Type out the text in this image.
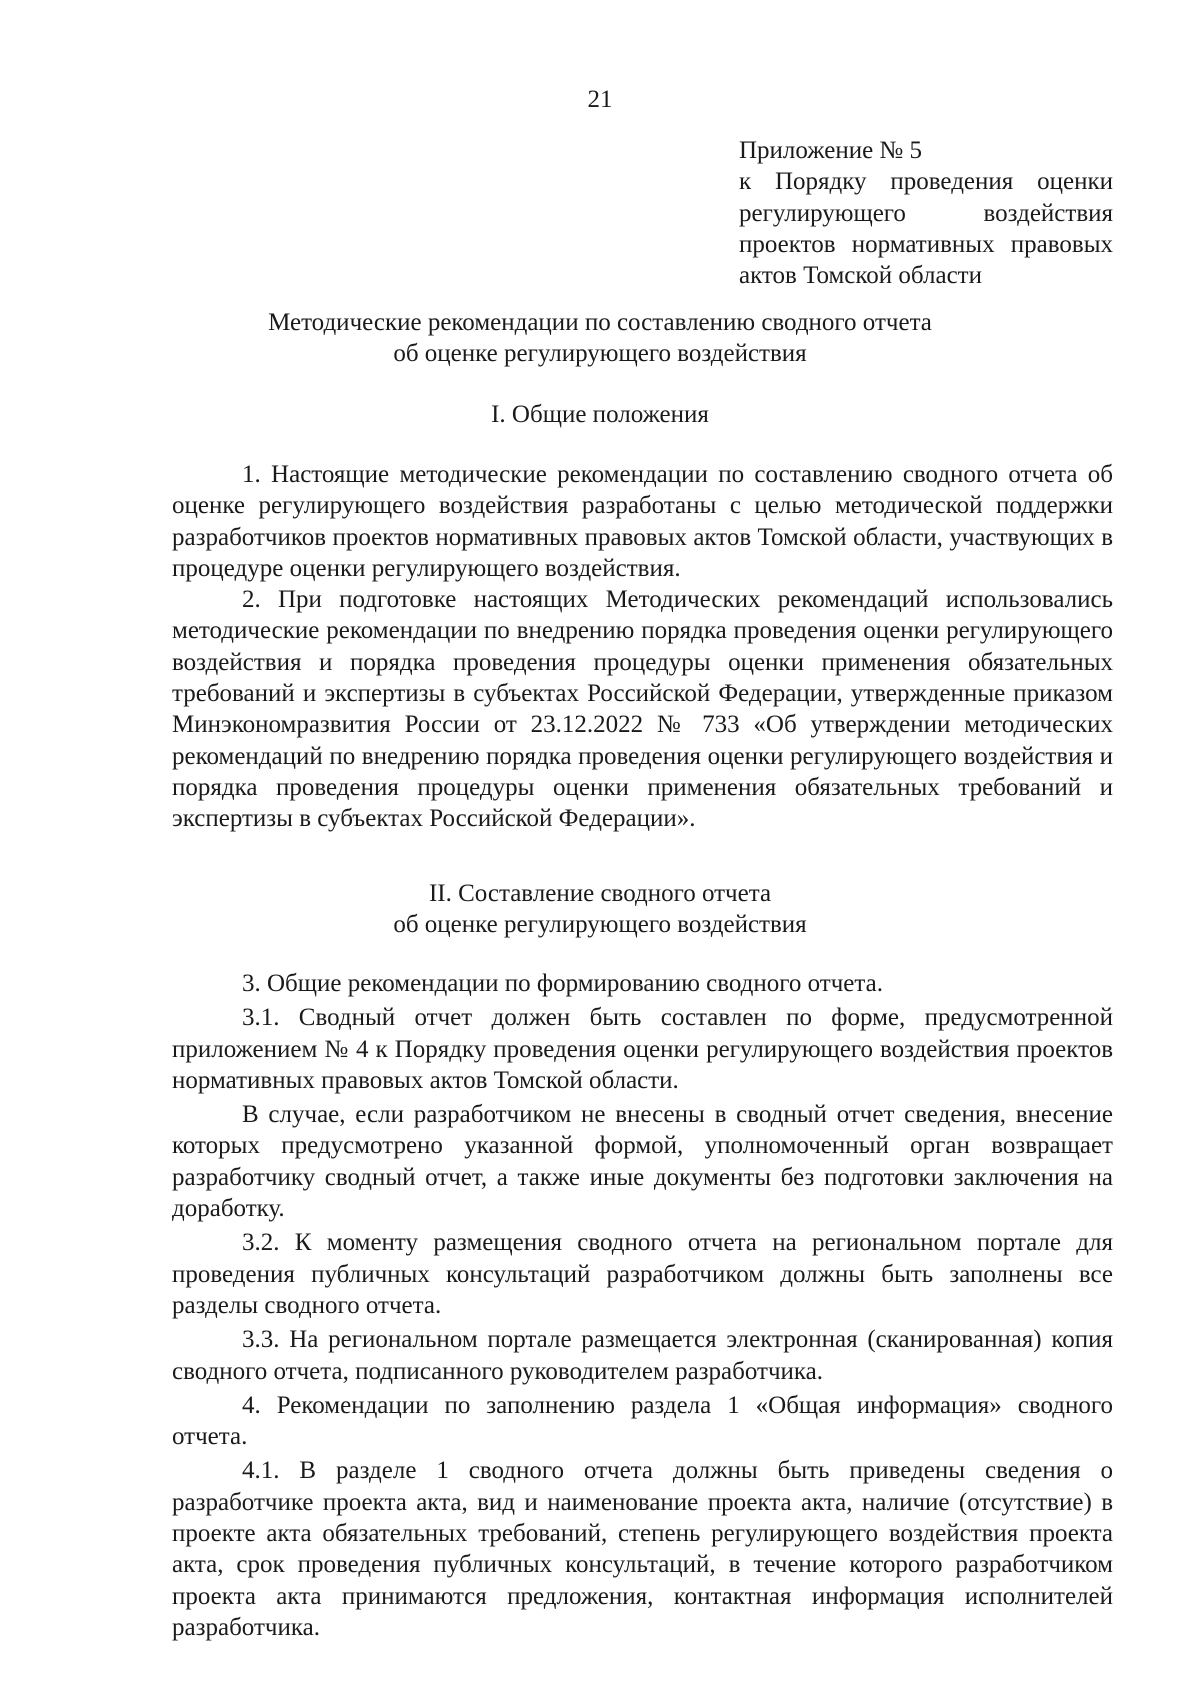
21
Приложение № 5
к Порядку проведения оценки
регулирующего воздействия
проектов нормативных правовых
актов Томской области
Методические рекомендации по составлению сводного отчета
об оценке регулирующего воздействия
I. Общие положения

1. Настоящие методические рекомендации по составлению сводного отчета об оценке регулирующего воздействия разработаны с целью методической поддержки разработчиков проектов нормативных правовых актов Томской области, участвующих в процедуре оценки регулирующего воздействия.

2. При подготовке настоящих Методических рекомендаций использовались методические рекомендации по внедрению порядка проведения оценки регулирующего воздействия и порядка проведения процедуры оценки применения обязательных требований и экспертизы в субъектах Российской Федерации, утвержденные приказом Минэкономразвития России от 23.12.2022 № 733 «Об утверждении методических рекомендаций по внедрению порядка проведения оценки регулирующего воздействия и порядка проведения процедуры оценки применения обязательных требований и экспертизы в субъектах Российской Федерации».

II. Составление сводного отчета
об оценке регулирующего воздействия

3. Общие рекомендации по формированию сводного отчета.

3.1. Сводный отчет должен быть составлен по форме, предусмотренной приложением № 4 к Порядку проведения оценки регулирующего воздействия проектов нормативных правовых актов Томской области.

В случае, если разработчиком не внесены в сводный отчет сведения, внесение которых предусмотрено указанной формой, уполномоченный орган возвращает разработчику сводный отчет, а также иные документы без подготовки заключения на доработку.

3.2. К моменту размещения сводного отчета на региональном портале для проведения публичных консультаций разработчиком должны быть заполнены все разделы сводного отчета.

3.3. На региональном портале размещается электронная (сканированная) копия сводного отчета, подписанного руководителем разработчика.

4. Рекомендации по заполнению раздела 1 «Общая информация» сводного отчета.

4.1. В разделе 1 сводного отчета должны быть приведены сведения о разработчике проекта акта, вид и наименование проекта акта, наличие (отсутствие) в проекте акта обязательных требований, степень регулирующего воздействия проекта акта, срок проведения публичных консультаций, в течение которого разработчиком проекта акта принимаются предложения, контактная информация исполнителей разработчика.
